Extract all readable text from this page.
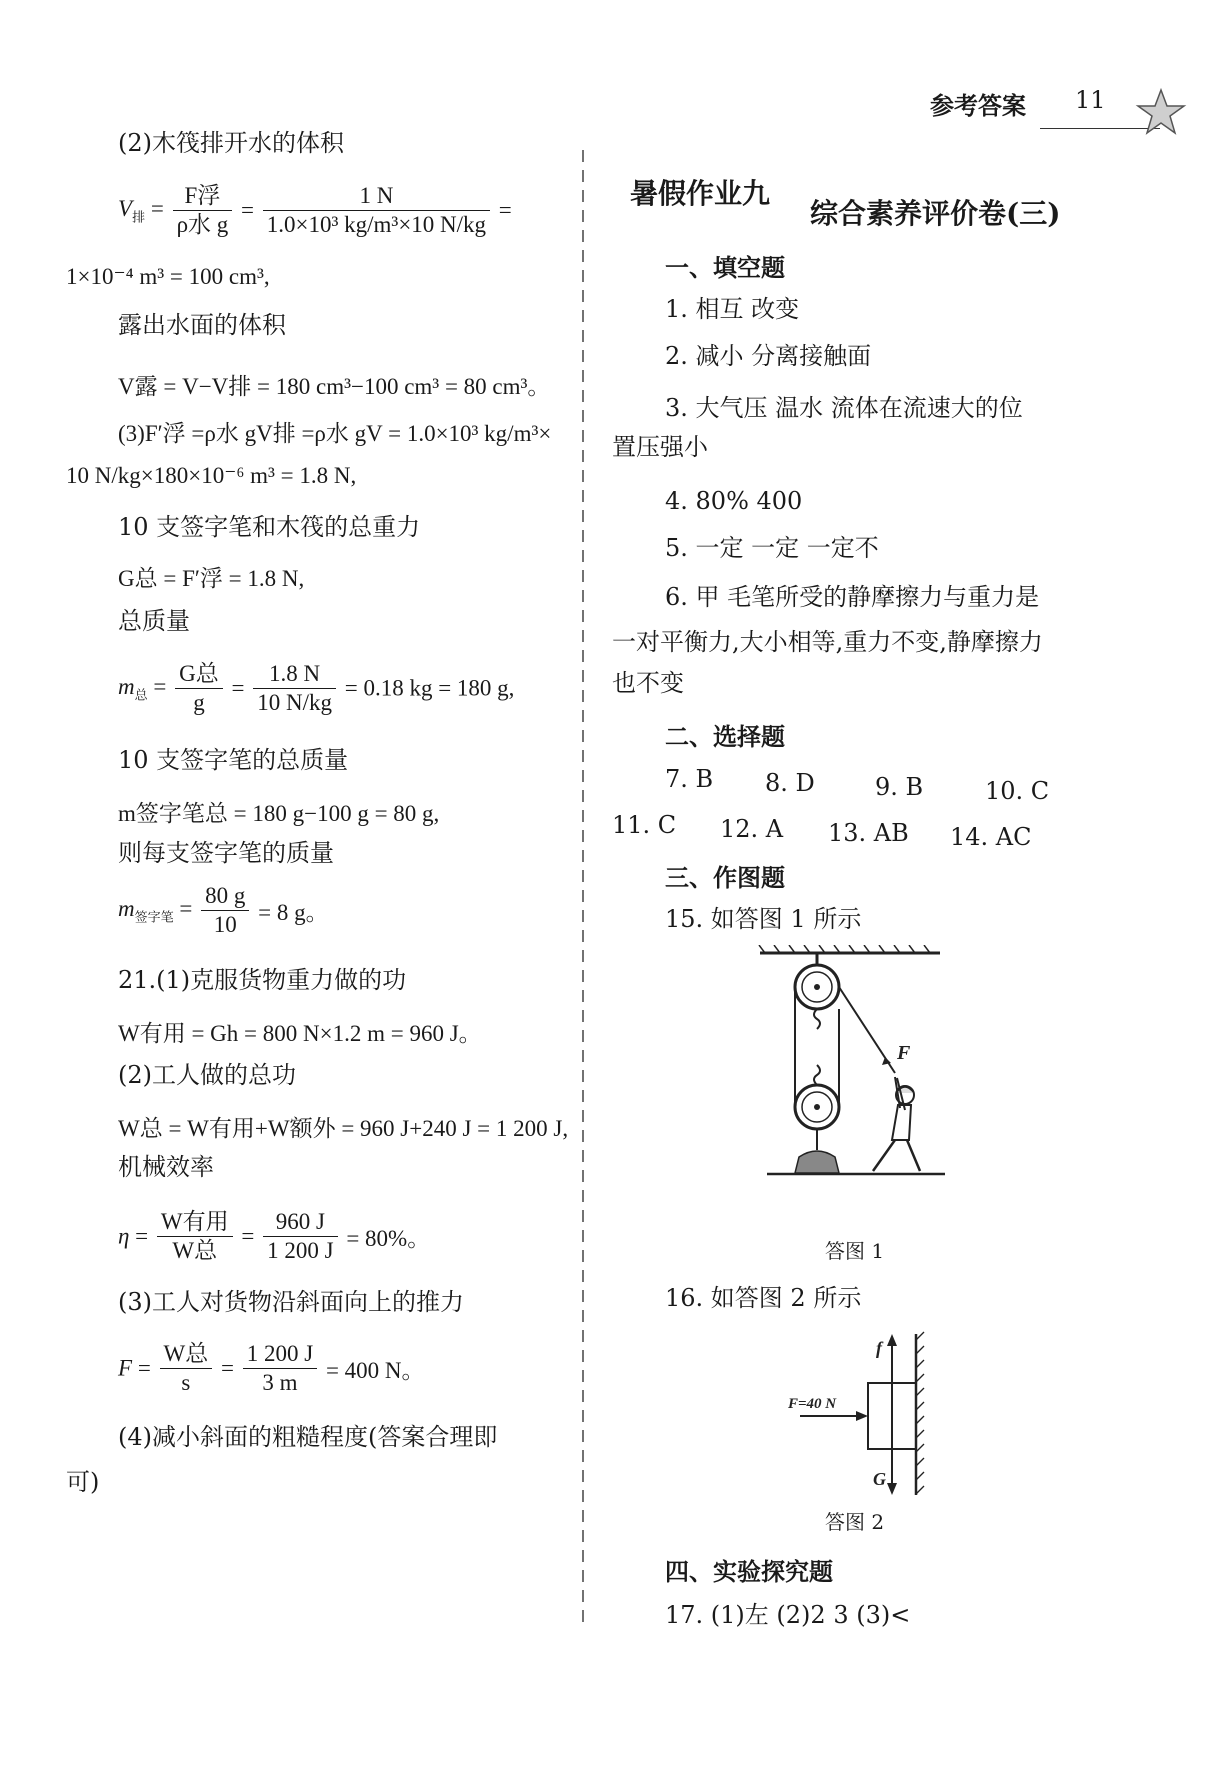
参考答案 11
(2)木筏排开水的体积
$V_排 = \frac{\text{F浮}}{\text{ρ水 g}} = \frac{1 N}{\text{1.0×10³ kg/m³×10 N/kg}}$ =
1×10⁻⁴ m³ = 100 cm³,
露出水面的体积
V露 = V−V排 = 180 cm³−100 cm³ = 80 cm³。
(3)F′浮 =ρ水 gV排 =ρ水 gV = 1.0×10³ kg/m³×
10 N/kg×180×10⁻⁶ m³ = 1.8 N,
10 支签字笔和木筏的总重力
G总 = F′浮 = 1.8 N,
总质量
$m_总 = \frac{\text{G总}}{g} = \frac{1.8 N}{10 N/kg} = 0.18$ kg = 180 g,
10 支签字笔的总质量
m签字笔总 = 180 g−100 g = 80 g,
则每支签字笔的质量
$m_{签字笔} = \frac{80 g}{10} = 8$ g。
21.(1)克服货物重力做的功
W有用 = Gh = 800 N×1.2 m = 960 J。
(2)工人做的总功
W总 = W有用+W额外 = 960 J+240 J = 1 200 J,
机械效率
$\eta = \frac{\text{W有用}}{\text{W总}} = \frac{960 J}{1 200 J} = 80\%$。
(3)工人对货物沿斜面向上的推力
$F = \frac{\text{W总}}{s} = \frac{1 200 J}{3 m} = 400$ N。
(4)减小斜面的粗糙程度(答案合理即
可)
暑假作业九
综合素养评价卷(三)
一、填空题
1. 相互 改变
2. 减小 分离接触面
3. 大气压 温水 流体在流速大的位
置压强小
4. 80% 400
5. 一定 一定 一定不
6. 甲 毛笔所受的静摩擦力与重力是
一对平衡力,大小相等,重力不变,静摩擦力
也不变
二、选择题
7. B 8. D	9. B	10. C
11. C 12. A 13. AB 14. AC
三、作图题
15. 如答图 1 所示
F
答图 1
16. 如答图 2 所示
f
F=40 N
G
答图 2
四、实验探究题
17. (1)左 (2)2 3 (3)<
